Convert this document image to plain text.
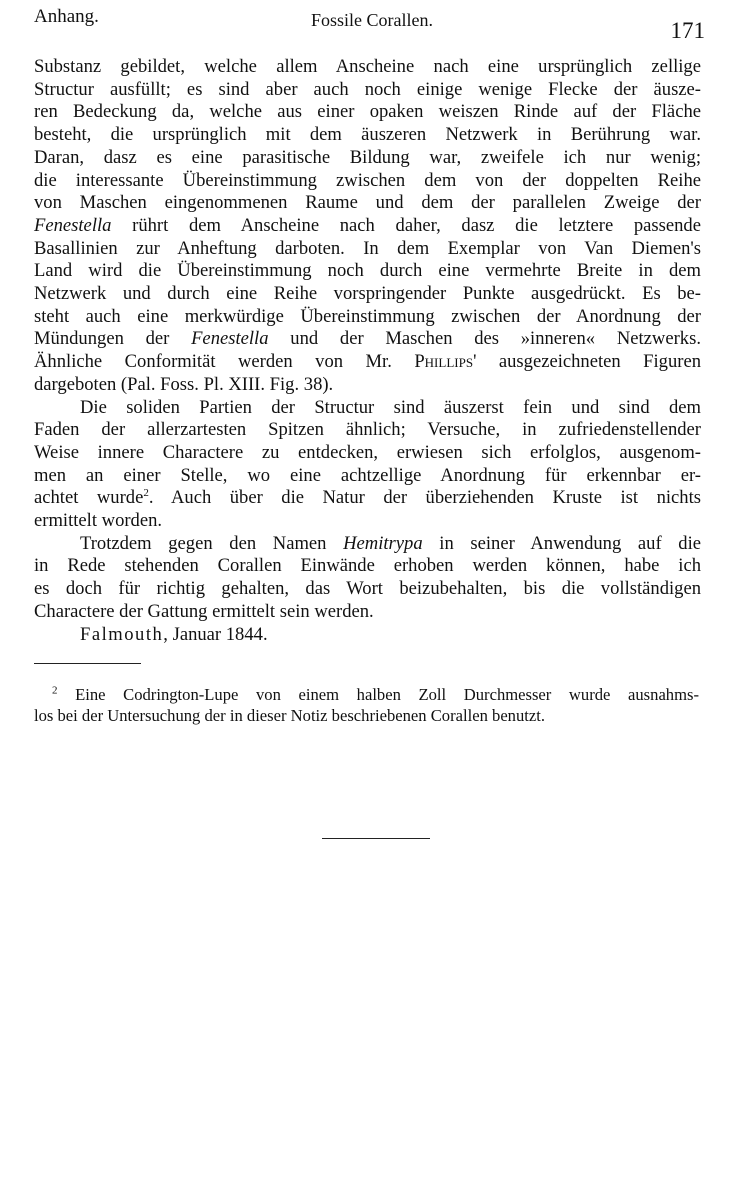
Anhang.	Fossile Corallen.	171
Substanz gebildet, welche allem Anscheine nach eine ursprünglich zellige
Structur ausfüllt; es sind aber auch noch einige wenige Flecke der äusze-
ren Bedeckung da, welche aus einer opaken weiszen Rinde auf der Fläche
besteht, die ursprünglich mit dem äuszeren Netzwerk in Berührung war.
Daran, dasz es eine parasitische Bildung war, zweifele ich nur wenig;
die interessante Übereinstimmung zwischen dem von der doppelten Reihe
von Maschen eingenommenen Raume und dem der parallelen Zweige der
Fenestella rührt dem Anscheine nach daher, dasz die letztere passende
Basallinien zur Anheftung darboten. In dem Exemplar von Van Diemen's
Land wird die Übereinstimmung noch durch eine vermehrte Breite in dem
Netzwerk und durch eine Reihe vorspringender Punkte ausgedrückt. Es be-
steht auch eine merkwürdige Übereinstimmung zwischen der Anordnung der
Mündungen der Fenestella und der Maschen des »inneren« Netzwerks.
Ähnliche Conformität werden von Mr. Phillips' ausgezeichneten Figuren
dargeboten (Pal. Foss. Pl. XIII. Fig. 38).
Die soliden Partien der Structur sind äuszerst fein und sind dem
Faden der allerzartesten Spitzen ähnlich; Versuche, in zufriedenstellender
Weise innere Charactere zu entdecken, erwiesen sich erfolglos, ausgenom-
men an einer Stelle, wo eine achtzellige Anordnung für erkennbar er-
achtet wurde$^2$. Auch über die Natur der überziehenden Kruste ist nichts
ermittelt worden.
Trotzdem gegen den Namen Hemitrypa in seiner Anwendung auf die
in Rede stehenden Corallen Einwände erhoben werden können, habe ich
es doch für richtig gehalten, das Wort beizubehalten, bis die vollständigen
Charactere der Gattung ermittelt sein werden.
Falmouth, Januar 1844.
$^2$ Eine Codrington-Lupe von einem halben Zoll Durchmesser wurde ausnahms-
los bei der Untersuchung der in dieser Notiz beschriebenen Corallen benutzt.
